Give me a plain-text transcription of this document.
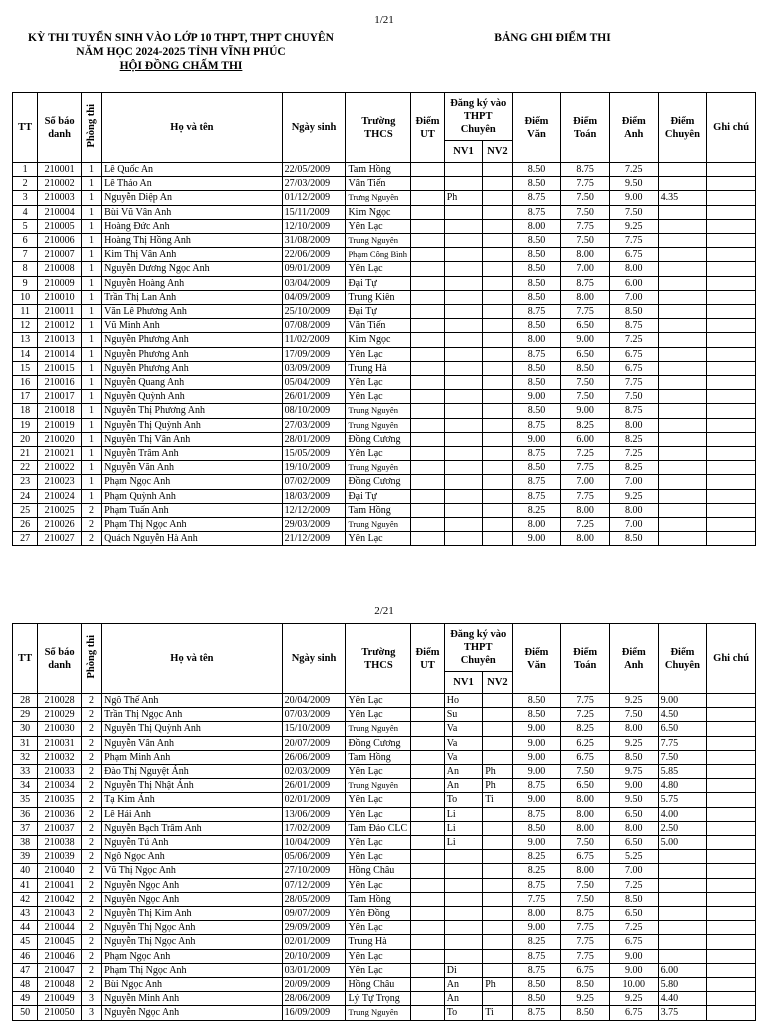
1/21
KỲ THI TUYỂN SINH VÀO LỚP 10 THPT, THPT CHUYÊN
NĂM HỌC 2024-2025 TỈNH VĨNH PHÚC
HỘI ĐỒNG CHẤM THI
BẢNG GHI ĐIỂM THI
TT	Số báo danh	Phòng thi	Họ và tên	Ngày sinh	Trường THCS	Điểm UT	Đăng ký vào THPT Chuyên		Điểm Văn	Điểm Toán	Điểm Anh	Điểm Chuyên	Ghi chú
							NV1	NV2					
1	210001	1	Lê Quốc An	22/05/2009	Tam Hồng				8.50	8.75	7.25		
2	210002	1	Lê Thảo An	27/03/2009	Vân Tiến				8.50	7.75	9.50		
3	210003	1	Nguyễn Diệp An	01/12/2009	Trưng Nguyên		Ph		8.75	7.50	9.00	4.35	
4	210004	1	Bùi Vũ Vân Anh	15/11/2009	Kim Ngọc				8.75	7.50	7.50		
5	210005	1	Hoàng Đức Anh	12/10/2009	Yên Lạc				8.00	7.75	9.25		
6	210006	1	Hoàng Thị Hồng Anh	31/08/2009	Trung Nguyên				8.50	7.50	7.75		
7	210007	1	Kim Thị Vân Anh	22/06/2009	Phạm Công Bình				8.50	8.00	6.75		
8	210008	1	Nguyễn Dương Ngọc Anh	09/01/2009	Yên Lạc				8.50	7.00	8.00		
9	210009	1	Nguyễn Hoàng Anh	03/04/2009	Đại Tự				8.50	8.75	6.00		
10	210010	1	Trần Thị Lan Anh	04/09/2009	Trung Kiên				8.50	8.00	7.00		
11	210011	1	Văn Lê Phương Anh	25/10/2009	Đại Tự				8.75	7.75	8.50		
12	210012	1	Vũ Minh Anh	07/08/2009	Văn Tiến				8.50	6.50	8.75		
13	210013	1	Nguyễn Phương Anh	11/02/2009	Kim Ngọc				8.00	9.00	7.25		
14	210014	1	Nguyễn Phương Anh	17/09/2009	Yên Lạc				8.75	6.50	6.75		
15	210015	1	Nguyễn Phương Anh	03/09/2009	Trung Hà				8.50	8.50	6.75		
16	210016	1	Nguyễn Quang Anh	05/04/2009	Yên Lạc				8.50	7.50	7.75		
17	210017	1	Nguyễn Quỳnh Anh	26/01/2009	Yên Lạc				9.00	7.50	7.50		
18	210018	1	Nguyễn Thị Phương Anh	08/10/2009	Trung Nguyên				8.50	9.00	8.75		
19	210019	1	Nguyễn Thị Quỳnh Anh	27/03/2009	Trung Nguyên				8.75	8.25	8.00		
20	210020	1	Nguyễn Thị Vân Anh	28/01/2009	Đồng Cương				9.00	6.00	8.25		
21	210021	1	Nguyễn Trâm Anh	15/05/2009	Yên Lạc				8.75	7.25	7.25		
22	210022	1	Nguyễn Văn Anh	19/10/2009	Trung Nguyên				8.50	7.75	8.25		
23	210023	1	Phạm Ngọc Anh	07/02/2009	Đồng Cương				8.75	7.00	7.00		
24	210024	1	Phạm Quỳnh Anh	18/03/2009	Đại Tự				8.75	7.75	9.25		
25	210025	2	Phạm Tuấn Anh	12/12/2009	Tam Hồng				8.25	8.00	8.00		
26	210026	2	Phạm Thị Ngọc Anh	29/03/2009	Trung Nguyên				8.00	7.25	7.00		
27	210027	2	Quách Nguyễn Hà Anh	21/12/2009	Yên Lạc				9.00	8.00	8.50		
2/21
TT	Số báo danh	Phòng thi	Họ và tên	Ngày sinh	Trường THCS	Điểm UT	Đăng ký vào THPT Chuyên		Điểm Văn	Điểm Toán	Điểm Anh	Điểm Chuyên	Ghi chú
							NV1	NV2					
28	210028	2	Ngô Thế Anh	20/04/2009	Yên Lạc		Ho		8.50	7.75	9.25	9.00	
29	210029	2	Trần Thị Ngọc Anh	07/03/2009	Yên Lạc		Su		8.50	7.25	7.50	4.50	
30	210030	2	Nguyễn Thị Quỳnh Anh	15/10/2009	Trung Nguyên		Va		9.00	8.25	8.00	6.50	
31	210031	2	Nguyễn Vân Anh	20/07/2009	Đồng Cương		Va		9.00	6.25	9.25	7.75	
32	210032	2	Phạm Minh Anh	26/06/2009	Tam Hồng		Va		9.00	6.75	8.50	7.50	
33	210033	2	Đào Thị Nguyệt Ánh	02/03/2009	Yên Lạc		An	Ph	9.00	7.50	9.75	5.85	
34	210034	2	Nguyễn Thị Nhật Ánh	26/01/2009	Trung Nguyên		An	Ph	8.75	6.50	9.00	4.80	
35	210035	2	Tạ Kim Ánh	02/01/2009	Yên Lạc		To	Ti	9.00	8.00	9.50	5.75	
36	210036	2	Lê Hải Anh	13/06/2009	Yên Lạc		Li		8.75	8.00	6.50	4.00	
37	210037	2	Nguyễn Bạch Trâm Anh	17/02/2009	Tam Đảo CLC		Li		8.50	8.00	8.00	2.50	
38	210038	2	Nguyễn Tú Anh	10/04/2009	Yên Lạc		Li		9.00	7.50	6.50	5.00	
39	210039	2	Ngô Ngọc Anh	05/06/2009	Yên Lạc				8.25	6.75	5.25		
40	210040	2	Vũ Thị Ngọc Anh	27/10/2009	Hồng Châu				8.25	8.00	7.00		
41	210041	2	Nguyễn Ngọc Anh	07/12/2009	Yên Lạc				8.75	7.50	7.25		
42	210042	2	Nguyễn Ngọc Anh	28/05/2009	Tam Hồng				7.75	7.50	8.50		
43	210043	2	Nguyễn Thị Kim Anh	09/07/2009	Yên Đồng				8.00	8.75	6.50		
44	210044	2	Nguyễn Thị Ngọc Anh	29/09/2009	Yên Lạc				9.00	7.75	7.25		
45	210045	2	Nguyễn Thị Ngọc Anh	02/01/2009	Trung Hà				8.25	7.75	6.75		
46	210046	2	Phạm Ngọc Anh	20/10/2009	Yên Lạc				8.75	7.75	9.00		
47	210047	2	Phạm Thị Ngọc Anh	03/01/2009	Yên Lạc		Di		8.75	6.75	9.00	6.00	
48	210048	2	Bùi Ngọc Anh	20/09/2009	Hồng Châu		An	Ph	8.50	8.50	10.00	5.80	
49	210049	3	Nguyễn Minh Anh	28/06/2009	Lý Tự Trọng		An		8.50	9.25	9.25	4.40	
50	210050	3	Nguyễn Ngọc Anh	16/09/2009	Trung Nguyên		To	Ti	8.75	8.50	6.75	3.75	
